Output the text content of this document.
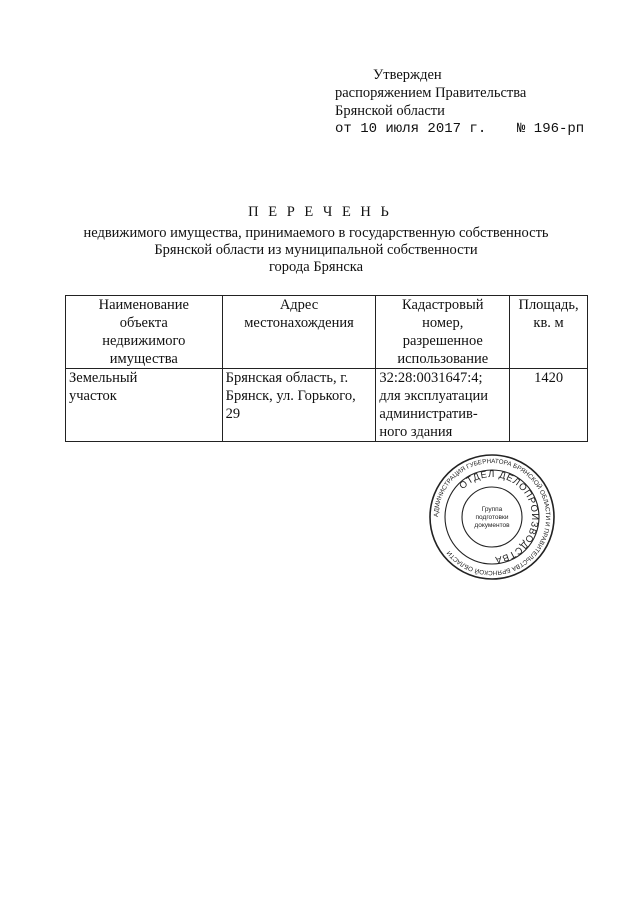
Утвержден
распоряжением Правительства
Брянской области
от 10 июля 2017 г.	№ 196-рп
П Е Р Е Ч Е Н Ь
недвижимого имущества, принимаемого в государственную собственность
Брянской области из муниципальной собственности
города Брянска
Наименование объекта недвижимого имущества	Адрес местонахождения	Кадастровый номер, разрешенное использование	Площадь, кв. м
Земельный участок	Брянская область, г. Брянск, ул. Горького, 29	32:28:0031647:4; для эксплуатации административ-ного здания	1420
АДМИНИСТРАЦИЯ ГУБЕРНАТОРА БРЯНСКОЙ ОБЛАСТИ И ПРАВИТЕЛЬСТВА БРЯНСКОЙ ОБЛАСТИ
ОТДЕЛ ДЕЛОПРОИЗВОДСТВА
Группа подготовки документов
